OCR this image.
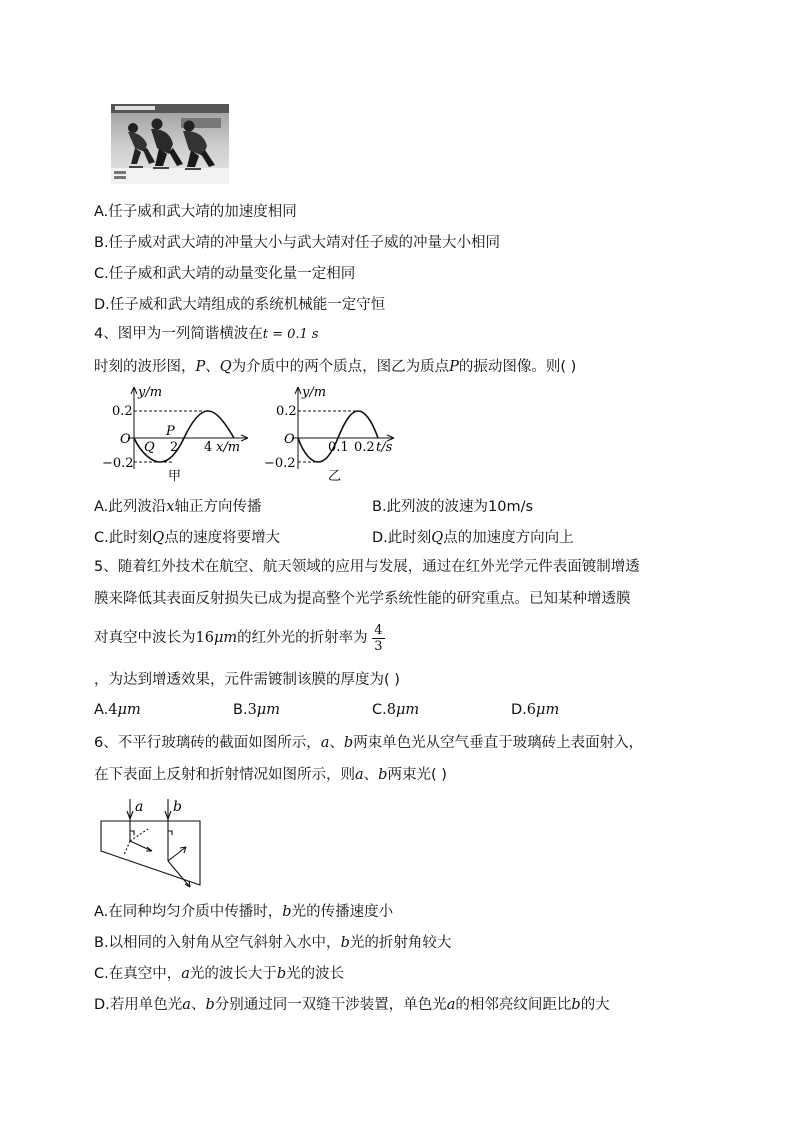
A.任子威和武大靖的加速度相同
B.任子威对武大靖的冲量大小与武大靖对任子威的冲量大小相同
C.任子威和武大靖的动量变化量一定相同
D.任子威和武大靖组成的系统机械能一定守恒
4、图甲为一列简谐横波在t = 0.1 s
时刻的波形图，P、Q为介质中的两个质点，图乙为质点P的振动图像。则( )
y/m
0.2
−0.2
O
Q
P
2 4 x/m
甲
y/m
0.2
−0.2
O
0.1 0.2 t/s
乙
A.此列波沿x轴正方向传播	B.此列波的波速为10m/s
C.此时刻Q点的速度将要增大	D.此时刻Q点的加速度方向向上
5、随着红外技术在航空、航天领域的应用与发展，通过在红外光学元件表面镀制增透
膜来降低其表面反射损失已成为提高整个光学系统性能的研究重点。已知某种增透膜
对真空中波长为16μm的红外光的折射率为 $\frac{4}{3}$
，为达到增透效果，元件需镀制该膜的厚度为( )
A.4μm	B.3μm	C.8μm	D.6μm
6、不平行玻璃砖的截面如图所示，a、b两束单色光从空气垂直于玻璃砖上表面射入，
在下表面上反射和折射情况如图所示，则a、b两束光( )
a b
A.在同种均匀介质中传播时，b光的传播速度小
B.以相同的入射角从空气斜射入水中，b光的折射角较大
C.在真空中，a光的波长大于b光的波长
D.若用单色光a、b分别通过同一双缝干涉装置，单色光a的相邻亮纹间距比b的大
